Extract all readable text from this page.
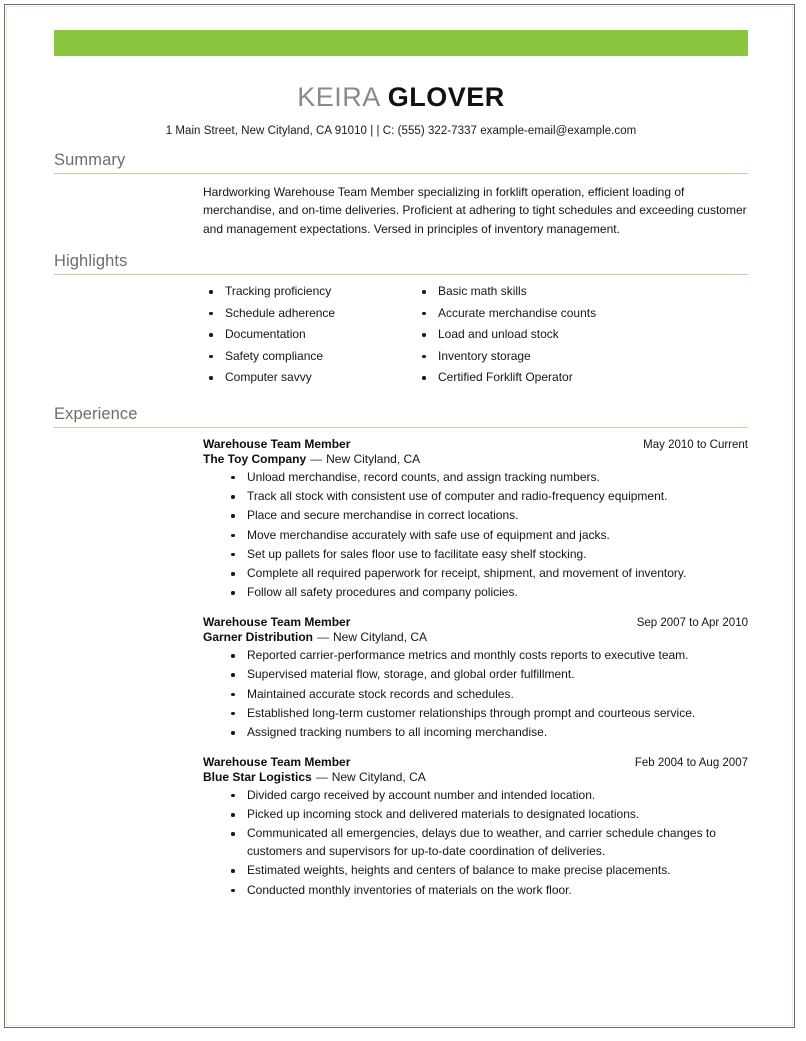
KEIRA GLOVER
1 Main Street, New Cityland, CA 91010 | | C: (555) 322-7337 example-email@example.com
Summary
Hardworking Warehouse Team Member specializing in forklift operation, efficient loading of merchandise, and on-time deliveries. Proficient at adhering to tight schedules and exceeding customer and management expectations. Versed in principles of inventory management.
Highlights
Tracking proficiency
Schedule adherence
Documentation
Safety compliance
Computer savvy
Basic math skills
Accurate merchandise counts
Load and unload stock
Inventory storage
Certified Forklift Operator
Experience
Warehouse Team Member	May 2010 to Current
The Toy Company — New Cityland, CA
Unload merchandise, record counts, and assign tracking numbers.
Track all stock with consistent use of computer and radio-frequency equipment.
Place and secure merchandise in correct locations.
Move merchandise accurately with safe use of equipment and jacks.
Set up pallets for sales floor use to facilitate easy shelf stocking.
Complete all required paperwork for receipt, shipment, and movement of inventory.
Follow all safety procedures and company policies.
Warehouse Team Member	Sep 2007 to Apr 2010
Garner Distribution — New Cityland, CA
Reported carrier-performance metrics and monthly costs reports to executive team.
Supervised material flow, storage, and global order fulfillment.
Maintained accurate stock records and schedules.
Established long-term customer relationships through prompt and courteous service.
Assigned tracking numbers to all incoming merchandise.
Warehouse Team Member	Feb 2004 to Aug 2007
Blue Star Logistics — New Cityland, CA
Divided cargo received by account number and intended location.
Picked up incoming stock and delivered materials to designated locations.
Communicated all emergencies, delays due to weather, and carrier schedule changes to customers and supervisors for up-to-date coordination of deliveries.
Estimated weights, heights and centers of balance to make precise placements.
Conducted monthly inventories of materials on the work floor.
